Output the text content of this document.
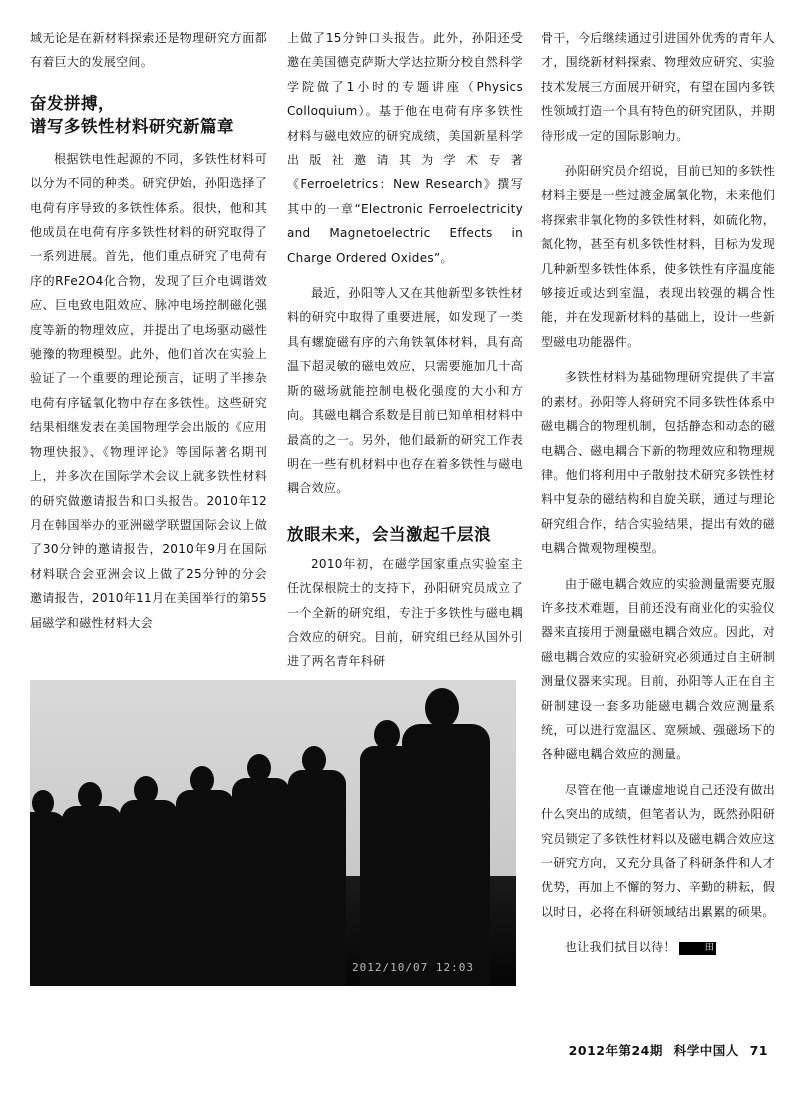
域无论是在新材料探索还是物理研究方面都有着巨大的发展空间。

奋发拼搏，
谱写多铁性材料研究新篇章

根据铁电性起源的不同，多铁性材料可以分为不同的种类。研究伊始，孙阳选择了电荷有序导致的多铁性体系。很快，他和其他成员在电荷有序多铁性材料的研究取得了一系列进展。首先，他们重点研究了电荷有序的RFe2O4化合物，发现了巨介电调谐效应、巨电致电阻效应、脉冲电场控制磁化强度等新的物理效应，并提出了电场驱动磁性驰豫的物理模型。此外，他们首次在实验上验证了一个重要的理论预言，证明了半掺杂电荷有序锰氧化物中存在多铁性。这些研究结果相继发表在美国物理学会出版的《应用物理快报》、《物理评论》等国际著名期刊上，并多次在国际学术会议上就多铁性材料的研究做邀请报告和口头报告。2010年12月在韩国举办的亚洲磁学联盟国际会议上做了30分钟的邀请报告，2010年9月在国际材料联合会亚洲会议上做了25分钟的分会邀请报告，2010年11月在美国举行的第55届磁学和磁性材料大会

上做了15分钟口头报告。此外，孙阳还受邀在美国德克萨斯大学达拉斯分校自然科学学院做了1小时的专题讲座（Physics Colloquium）。基于他在电荷有序多铁性材料与磁电效应的研究成绩，美国新星科学出版社邀请其为学术专著《Ferroeletrics：New Research》撰写其中的一章“Electronic Ferroelectricity and Magnetoelectric Effects in Charge Ordered Oxides”。

最近，孙阳等人又在其他新型多铁性材料的研究中取得了重要进展，如发现了一类具有螺旋磁有序的六角铁氧体材料，具有高温下超灵敏的磁电效应，只需要施加几十高斯的磁场就能控制电极化强度的大小和方向。其磁电耦合系数是目前已知单相材料中最高的之一。另外，他们最新的研究工作表明在一些有机材料中也存在着多铁性与磁电耦合效应。

放眼未来，会当激起千层浪

2010年初，在磁学国家重点实验室主任沈保根院士的支持下，孙阳研究员成立了一个全新的研究组，专注于多铁性与磁电耦合效应的研究。目前，研究组已经从国外引进了两名青年科研

骨干，今后继续通过引进国外优秀的青年人才，围绕新材料探索、物理效应研究、实验技术发展三方面展开研究，有望在国内多铁性领域打造一个具有特色的研究团队，并期待形成一定的国际影响力。

孙阳研究员介绍说，目前已知的多铁性材料主要是一些过渡金属氧化物，未来他们将探索非氧化物的多铁性材料，如硫化物，氮化物，甚至有机多铁性材料，目标为发现几种新型多铁性体系，使多铁性有序温度能够接近或达到室温，表现出较强的耦合性能，并在发现新材料的基础上，设计一些新型磁电功能器件。

多铁性材料为基础物理研究提供了丰富的素材。孙阳等人将研究不同多铁性体系中磁电耦合的物理机制，包括静态和动态的磁电耦合、磁电耦合下新的物理效应和物理规律。他们将利用中子散射技术研究多铁性材料中复杂的磁结构和自旋关联，通过与理论研究组合作，结合实验结果，提出有效的磁电耦合微观物理模型。

由于磁电耦合效应的实验测量需要克服许多技术难题，目前还没有商业化的实验仪器来直接用于测量磁电耦合效应。因此，对磁电耦合效应的实验研究必须通过自主研制测量仪器来实现。目前，孙阳等人正在自主研制建设一套多功能磁电耦合效应测量系统，可以进行宽温区、宽频域、强磁场下的各种磁电耦合效应的测量。

尽管在他一直谦虚地说自己还没有做出什么突出的成绩，但笔者认为，既然孙阳研究员锁定了多铁性材料以及磁电耦合效应这一研究方向，又充分具备了科研条件和人才优势，再加上不懈的努力、辛勤的耕耘，假以时日，必将在科研领域结出累累的硕果。

也让我们拭目以待！	田

2012/10/07 12:03
2012年第24期 科学中国人 71
